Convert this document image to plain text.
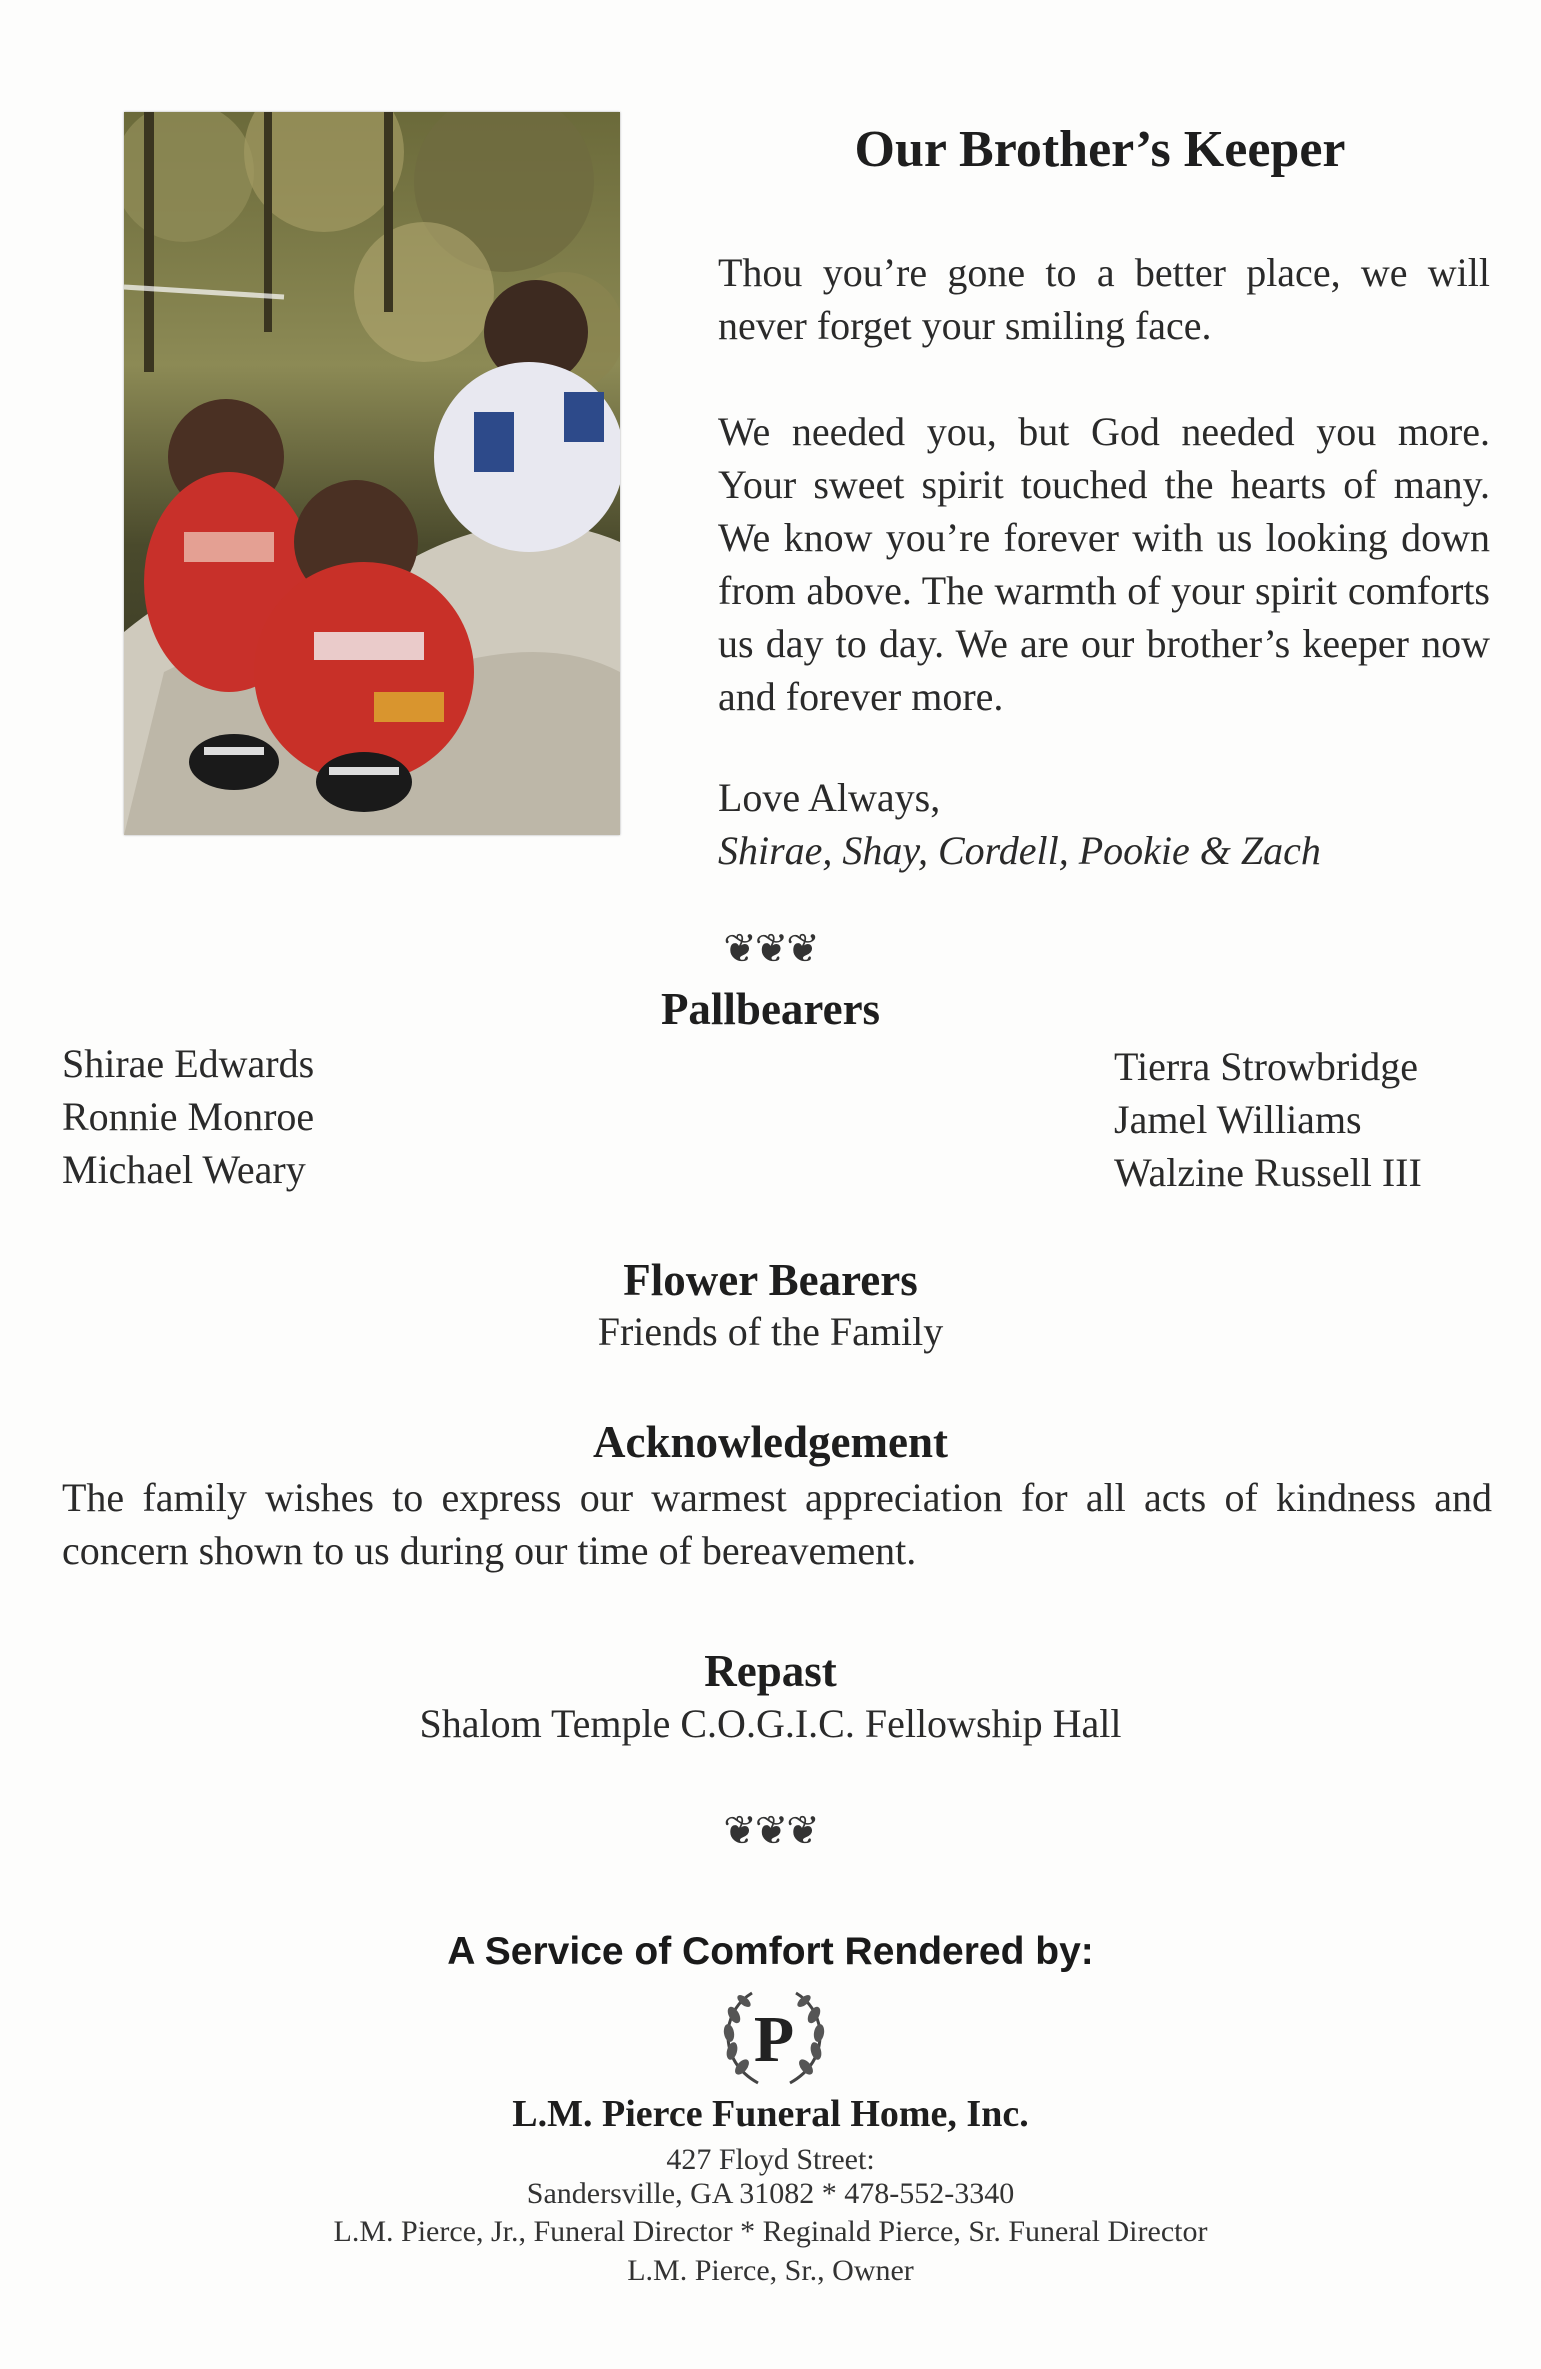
Our Brother’s Keeper
Thou you’re gone to a better place, we will never forget your smiling face.
We needed you, but God needed you more. Your sweet spirit touched the hearts of many. We know you’re forever with us looking down from above. The warmth of your spirit comforts us day to day. We are our brother’s keeper now and forever more.
Love Always,
Shirae, Shay, Cordell, Pookie & Zach
❦❦❦
Pallbearers
Shirae Edwards
Ronnie Monroe
Michael Weary
Tierra Strowbridge
Jamel Williams
Walzine Russell III
Flower Bearers
Friends of the Family
Acknowledgement
The family wishes to express our warmest appreciation for all acts of kindness and concern shown to us during our time of bereavement.
Repast
Shalom Temple C.O.G.I.C. Fellowship Hall
❦❦❦
A Service of Comfort Rendered by:
P
L.M. Pierce Funeral Home, Inc.
427 Floyd Street:
Sandersville, GA 31082 * 478-552-3340
L.M. Pierce, Jr., Funeral Director * Reginald Pierce, Sr. Funeral Director
L.M. Pierce, Sr., Owner
